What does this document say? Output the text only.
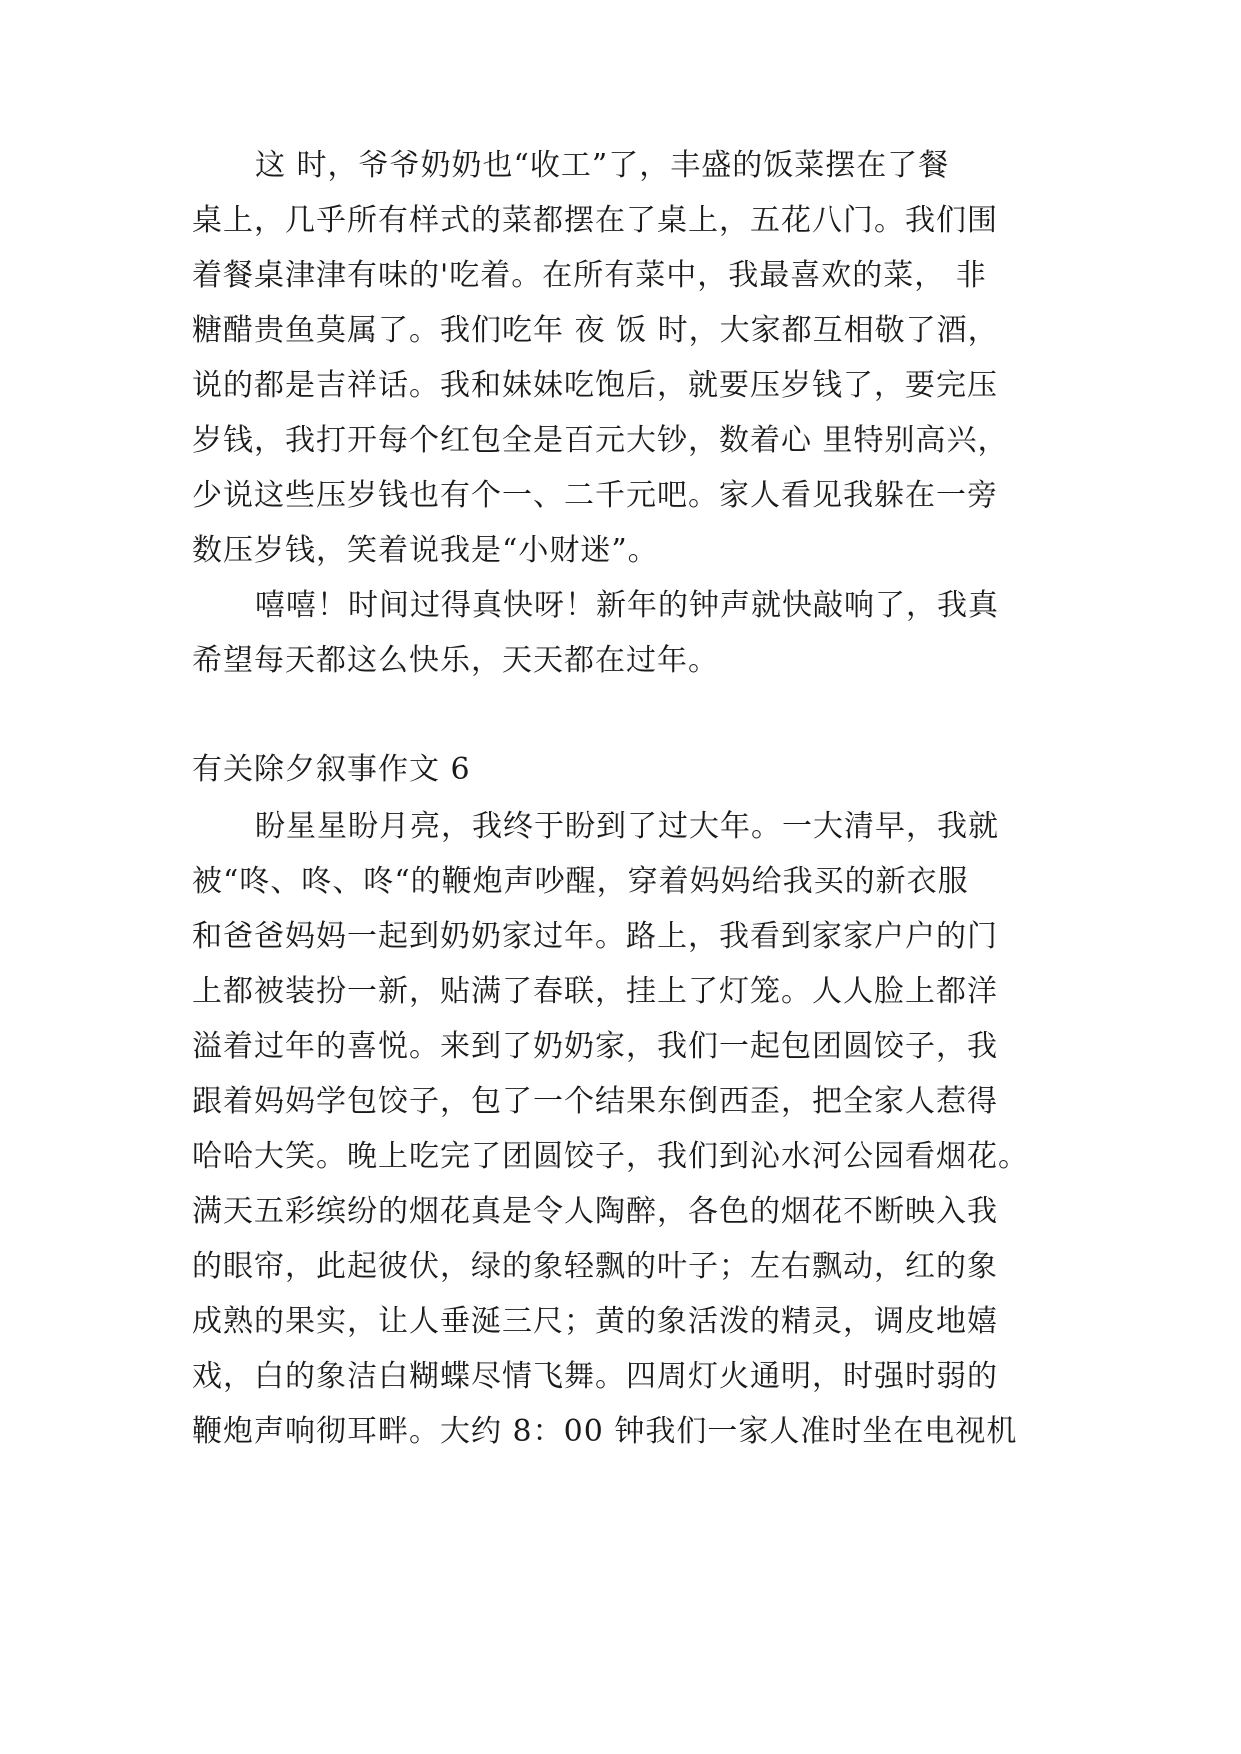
这 时，爷爷奶奶也“收工”了，丰盛的饭菜摆在了餐
桌上，几乎所有样式的菜都摆在了桌上，五花八门。我们围
着餐桌津津有味的'吃着。在所有菜中，我最喜欢的菜， 非
糖醋贵鱼莫属了。我们吃年 夜 饭 时，大家都互相敬了酒，
说的都是吉祥话。我和妹妹吃饱后，就要压岁钱了，要完压
岁钱，我打开每个红包全是百元大钞，数着心 里特别高兴，
少说这些压岁钱也有个一、二千元吧。家人看见我躲在一旁
数压岁钱，笑着说我是“小财迷”。
嘻嘻！时间过得真快呀！新年的钟声就快敲响了，我真
希望每天都这么快乐，天天都在过年。
有关除夕叙事作文 6
盼星星盼月亮，我终于盼到了过大年。一大清早，我就
被“咚、咚、咚“的鞭炮声吵醒，穿着妈妈给我买的新衣服
和爸爸妈妈一起到奶奶家过年。路上，我看到家家户户的门
上都被装扮一新，贴满了春联，挂上了灯笼。人人脸上都洋
溢着过年的喜悦。来到了奶奶家，我们一起包团圆饺子，我
跟着妈妈学包饺子，包了一个结果东倒西歪，把全家人惹得
哈哈大笑。晚上吃完了团圆饺子，我们到沁水河公园看烟花。
满天五彩缤纷的烟花真是令人陶醉，各色的烟花不断映入我
的眼帘，此起彼伏，绿的象轻飘的叶子；左右飘动，红的象
成熟的果实，让人垂涎三尺；黄的象活泼的精灵，调皮地嬉
戏，白的象洁白糊蝶尽情飞舞。四周灯火通明，时强时弱的
鞭炮声响彻耳畔。大约 8：00 钟我们一家人准时坐在电视机
